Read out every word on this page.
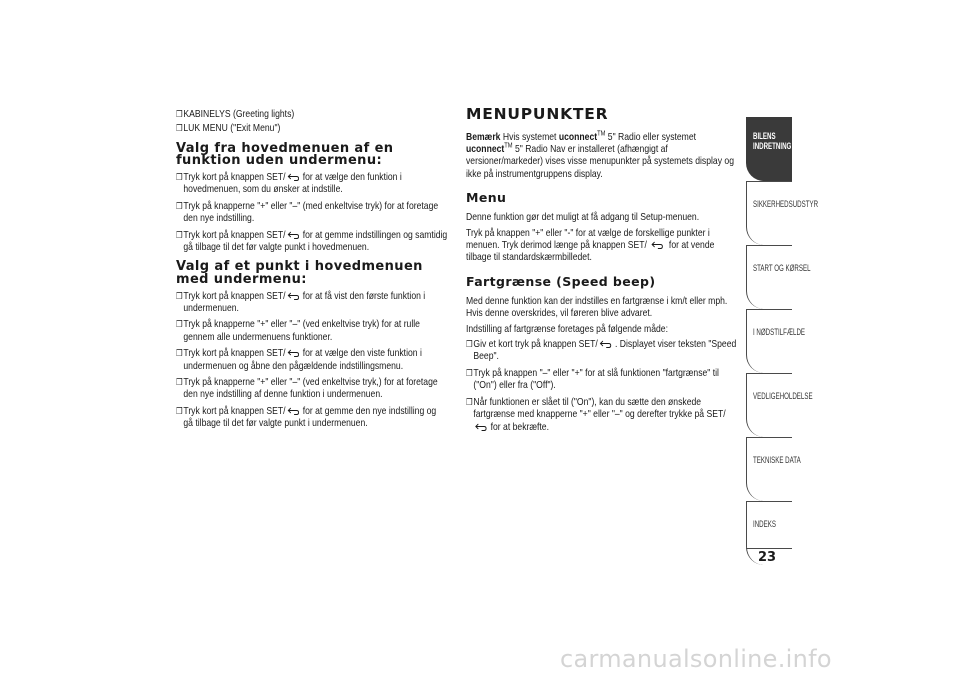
❒ KABINELYS (Greeting lights)
❒ LUK MENU ("Exit Menu")
Valg fra hovedmenuen af en funktion uden undermenu:
❒ Tryk kort på knappen SET/ for at vælge den funktion i hovedmenuen, som du ønsker at indstille.
❒ Tryk på knapperne "+" eller "–" (med enkeltvise tryk) for at foretage den nye indstilling.
❒ Tryk kort på knappen SET/ for at gemme indstillingen og samtidig gå tilbage til det før valgte punkt i hovedmenuen.
Valg af et punkt i hovedmenuen med undermenu:
❒ Tryk kort på knappen SET/ for at få vist den første funktion i undermenuen.
❒ Tryk på knapperne "+" eller "–" (ved enkeltvise tryk) for at rulle gennem alle undermenuens funktioner.
❒ Tryk kort på knappen SET/ for at vælge den viste funktion i undermenuen og åbne den pågældende indstillingsmenu.
❒ Tryk på knapperne "+" eller "–" (ved enkeltvise tryk,) for at foretage den nye indstilling af denne funktion i undermenuen.
❒ Tryk kort på knappen SET/ for at gemme den nye indstilling og gå tilbage til det før valgte punkt i undermenuen.
MENUPUNKTER
Bemærk Hvis systemet uconnect™ 5" Radio eller systemet uconnect™ 5" Radio Nav er installeret (afhængigt af versioner/markeder) vises visse menupunkter på systemets display og ikke på instrumentgruppens display.
Menu
Denne funktion gør det muligt at få adgang til Setup-menuen.
Tryk på knappen "+" eller "-" for at vælge de forskellige punkter i menuen. Tryk derimod længe på knappen SET/ for at vende tilbage til standardskærmbilledet.
Fartgrænse (Speed beep)
Med denne funktion kan der indstilles en fartgrænse i km/t eller mph. Hvis denne overskrides, vil føreren blive advaret.
Indstilling af fartgrænse foretages på følgende måde:
❒ Giv et kort tryk på knappen SET/ . Displayet viser teksten "Speed Beep".
❒ Tryk på knappen "–" eller "+" for at slå funktionen "fartgrænse" til ("On") eller fra ("Off").
❒ Når funktionen er slået til ("On"), kan du sætte den ønskede fartgrænse med knapperne "+" eller "–" og derefter trykke på SET/for at bekræfte.
BILENS INDRETNING
SIKKERHEDSUDSTYR
START OG KØRSEL
I NØDSTILFÆLDE
VEDLIGEHOLDELSE
TEKNISKE DATA
INDEKS
23
carmanualsonline.info
